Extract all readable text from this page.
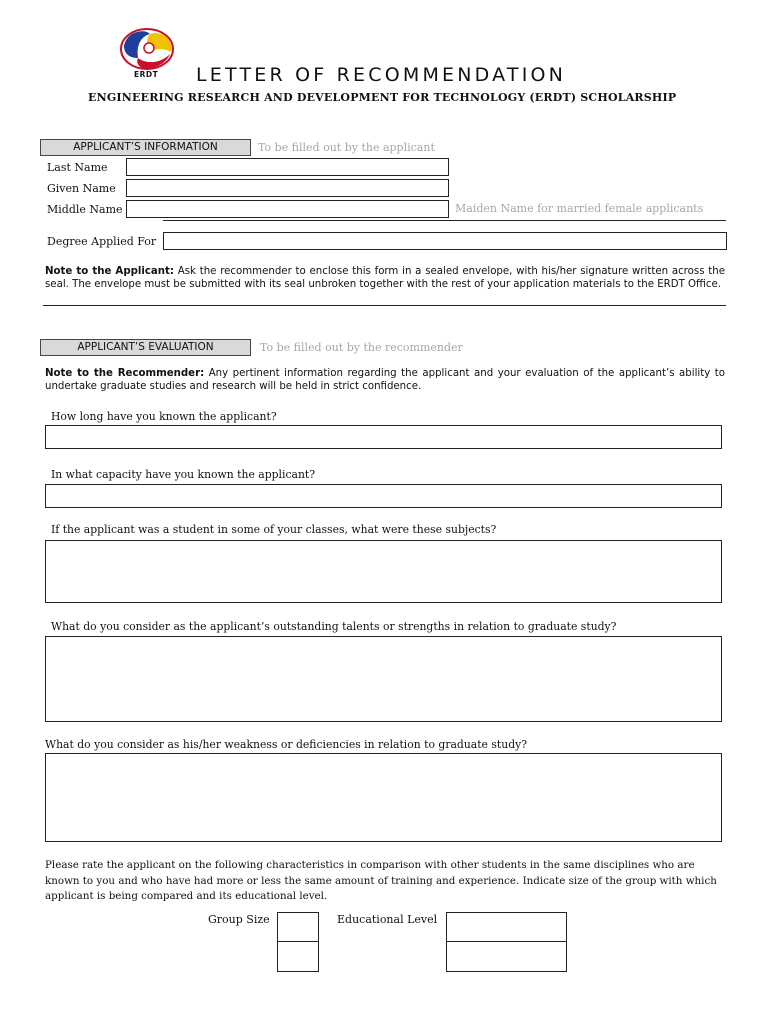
ERDT LETTER OF RECOMMENDATION
ENGINEERING RESEARCH AND DEVELOPMENT FOR TECHNOLOGY (ERDT) SCHOLARSHIP
APPLICANT’S INFORMATION	To be filled out by the applicant
Last Name
Given Name
Middle Name	Maiden Name for married female applicants
Degree Applied For
Note to the Applicant: Ask the recommender to enclose this form in a sealed envelope, with his/her signature written across the seal. The envelope must be submitted with its seal unbroken together with the rest of your application materials to the ERDT Office.
APPLICANT’S EVALUATION	To be filled out by the recommender
Note to the Recommender: Any pertinent information regarding the applicant and your evaluation of the applicant’s ability to undertake graduate studies and research will be held in strict confidence.
How long have you known the applicant?
In what capacity have you known the applicant?
If the applicant was a student in some of your classes, what were these subjects?
What do you consider as the applicant’s outstanding talents or strengths in relation to graduate study?
What do you consider as his/her weakness or deficiencies in relation to graduate study?
Please rate the applicant on the following characteristics in comparison with other students in the same disciplines who are known to you and who have had more or less the same amount of training and experience. Indicate size of the group with which applicant is being compared and its educational level.
Group Size	Educational Level
